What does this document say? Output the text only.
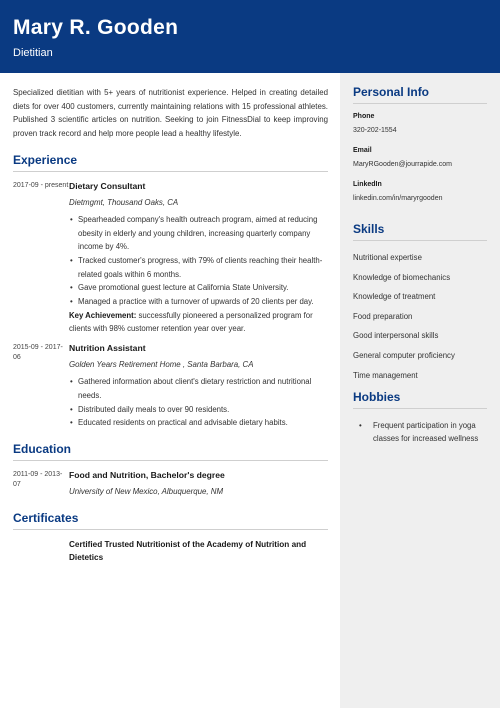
Mary R. Gooden
Dietitian

Specialized dietitian with 5+ years of nutritionist experience. Helped in creating detailed diets for over 400 customers, currently maintaining relations with 15 professional athletes. Published 3 scientific articles on nutrition. Seeking to join FitnessDial to keep improving proven track record and help more people lead a healthy lifestyle.

Experience
2017-09 - present Dietary Consultant
Dietmgmt, Thousand Oaks, CA
• Spearheaded company's health outreach program, aimed at reducing obesity in elderly and young children, increasing quarterly company income by 4%.
• Tracked customer's progress, with 79% of clients reaching their health-related goals within 6 months.
• Gave promotional guest lecture at California State University.
• Managed a practice with a turnover of upwards of 20 clients per day.
Key Achievement: successfully pioneered a personalized program for clients with 98% customer retention year over year.
2015-09 - 2017-06
Nutrition Assistant
Golden Years Retirement Home , Santa Barbara, CA
• Gathered information about client's dietary restriction and nutritional needs.
• Distributed daily meals to over 90 residents.
• Educated residents on practical and advisable dietary habits.
Education
2011-09 - 2013-07
Food and Nutrition, Bachelor's degree
University of New Mexico, Albuquerque, NM
Certificates
Certified Trusted Nutritionist of the Academy of Nutrition and Dietetics
Personal Info
Phone
320-202-1554
Email
MaryRGooden@jourrapide.com
LinkedIn
linkedin.com/in/maryrgooden
Skills
Nutritional expertise
Knowledge of biomechanics
Knowledge of treatment
Food preparation
Good interpersonal skills
General computer proficiency
Time management
Hobbies
• Frequent participation in yoga classes for increased wellness
